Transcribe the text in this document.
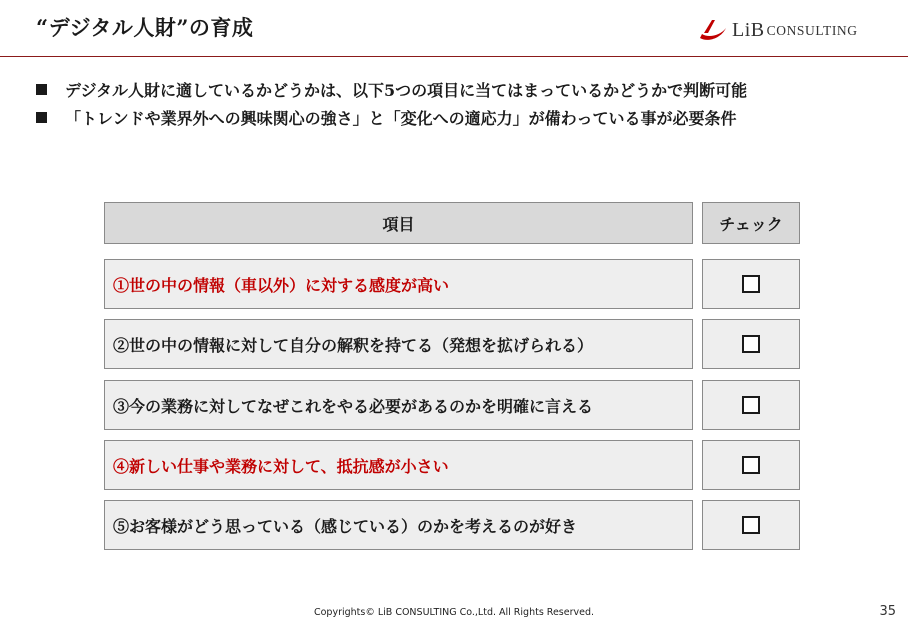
“デジタル人財”の育成	LiB CONSULTING
デジタル人財に適しているかどうかは、以下5つの項目に当てはまっているかどうかで判断可能
「トレンドや業界外への興味関心の強さ」と「変化への適応力」が備わっている事が必要条件
項目	チェック
①世の中の情報（車以外）に対する感度が高い
②世の中の情報に対して自分の解釈を持てる（発想を拡げられる）
③今の業務に対してなぜこれをやる必要があるのかを明確に言える
④新しい仕事や業務に対して、抵抗感が小さい
⑤お客様がどう思っている（感じている）のかを考えるのが好き
Copyrights© LiB CONSULTING Co.,Ltd. All Rights Reserved.	35
